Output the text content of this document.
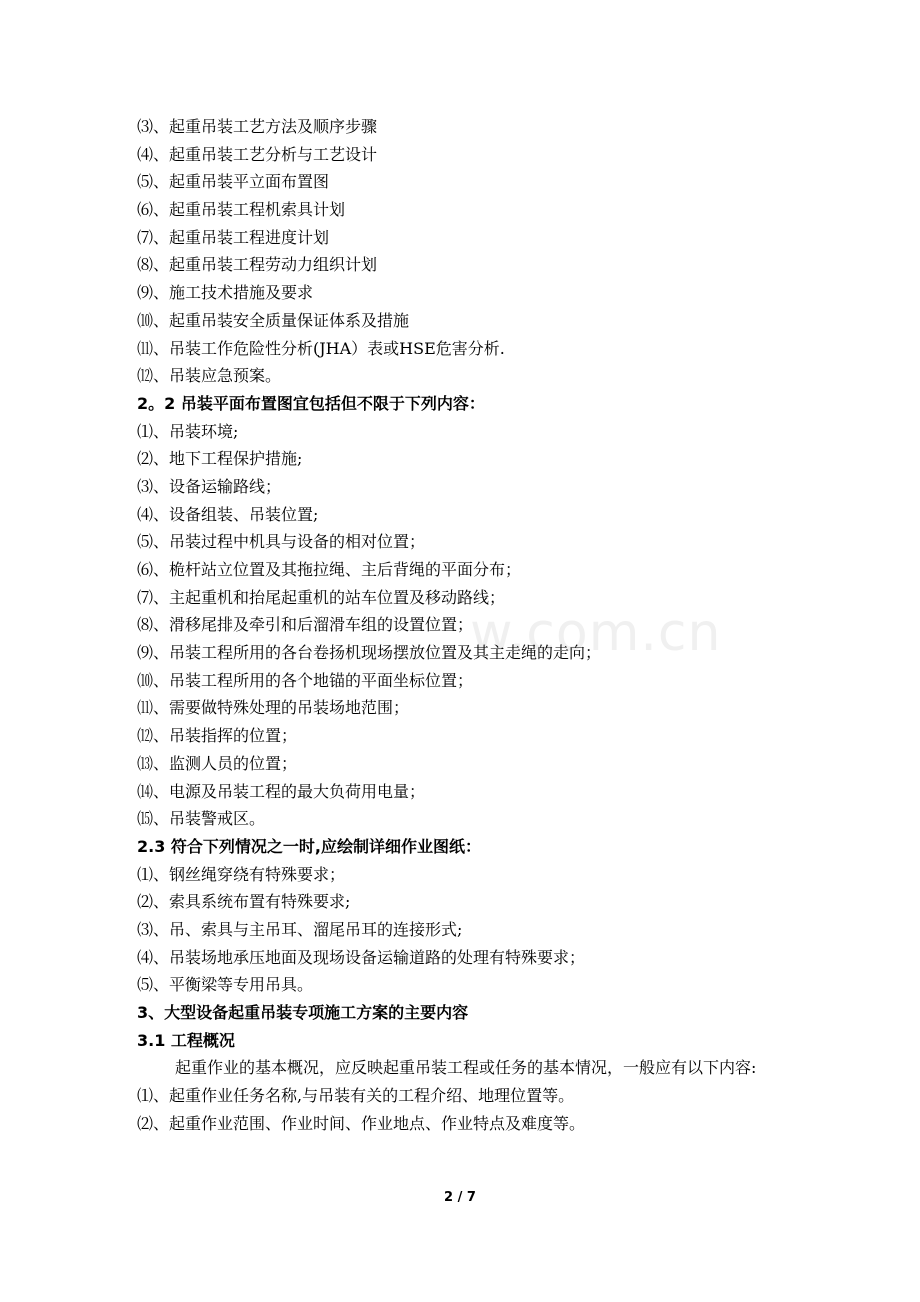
w.com.cn
⑶、起重吊装工艺方法及顺序步骤
⑷、起重吊装工艺分析与工艺设计
⑸、起重吊装平立面布置图
⑹、起重吊装工程机索具计划
⑺、起重吊装工程进度计划
⑻、起重吊装工程劳动力组织计划
⑼、施工技术措施及要求
⑽、起重吊装安全质量保证体系及措施
⑾、吊装工作危险性分析(JHA）表或HSE危害分析.
⑿、吊装应急预案。
2。2 吊装平面布置图宜包括但不限于下列内容：
⑴、吊装环境;
⑵、地下工程保护措施;
⑶、设备运输路线；
⑷、设备组装、吊装位置;
⑸、吊装过程中机具与设备的相对位置；
⑹、桅杆站立位置及其拖拉绳、主后背绳的平面分布；
⑺、主起重机和抬尾起重机的站车位置及移动路线；
⑻、滑移尾排及牵引和后溜滑车组的设置位置；
⑼、吊装工程所用的各台卷扬机现场摆放位置及其主走绳的走向；
⑽、吊装工程所用的各个地锚的平面坐标位置；
⑾、需要做特殊处理的吊装场地范围；
⑿、吊装指挥的位置；
⒀、监测人员的位置；
⒁、电源及吊装工程的最大负荷用电量；
⒂、吊装警戒区。
2.3 符合下列情况之一时,应绘制详细作业图纸：
⑴、钢丝绳穿绕有特殊要求；
⑵、索具系统布置有特殊要求;
⑶、吊、索具与主吊耳、溜尾吊耳的连接形式;
⑷、吊装场地承压地面及现场设备运输道路的处理有特殊要求；
⑸、平衡梁等专用吊具。
3、大型设备起重吊装专项施工方案的主要内容
3.1 工程概况
起重作业的基本概况，应反映起重吊装工程或任务的基本情况，一般应有以下内容:
⑴、起重作业任务名称,与吊装有关的工程介绍、地理位置等。
⑵、起重作业范围、作业时间、作业地点、作业特点及难度等。
2 / 7
